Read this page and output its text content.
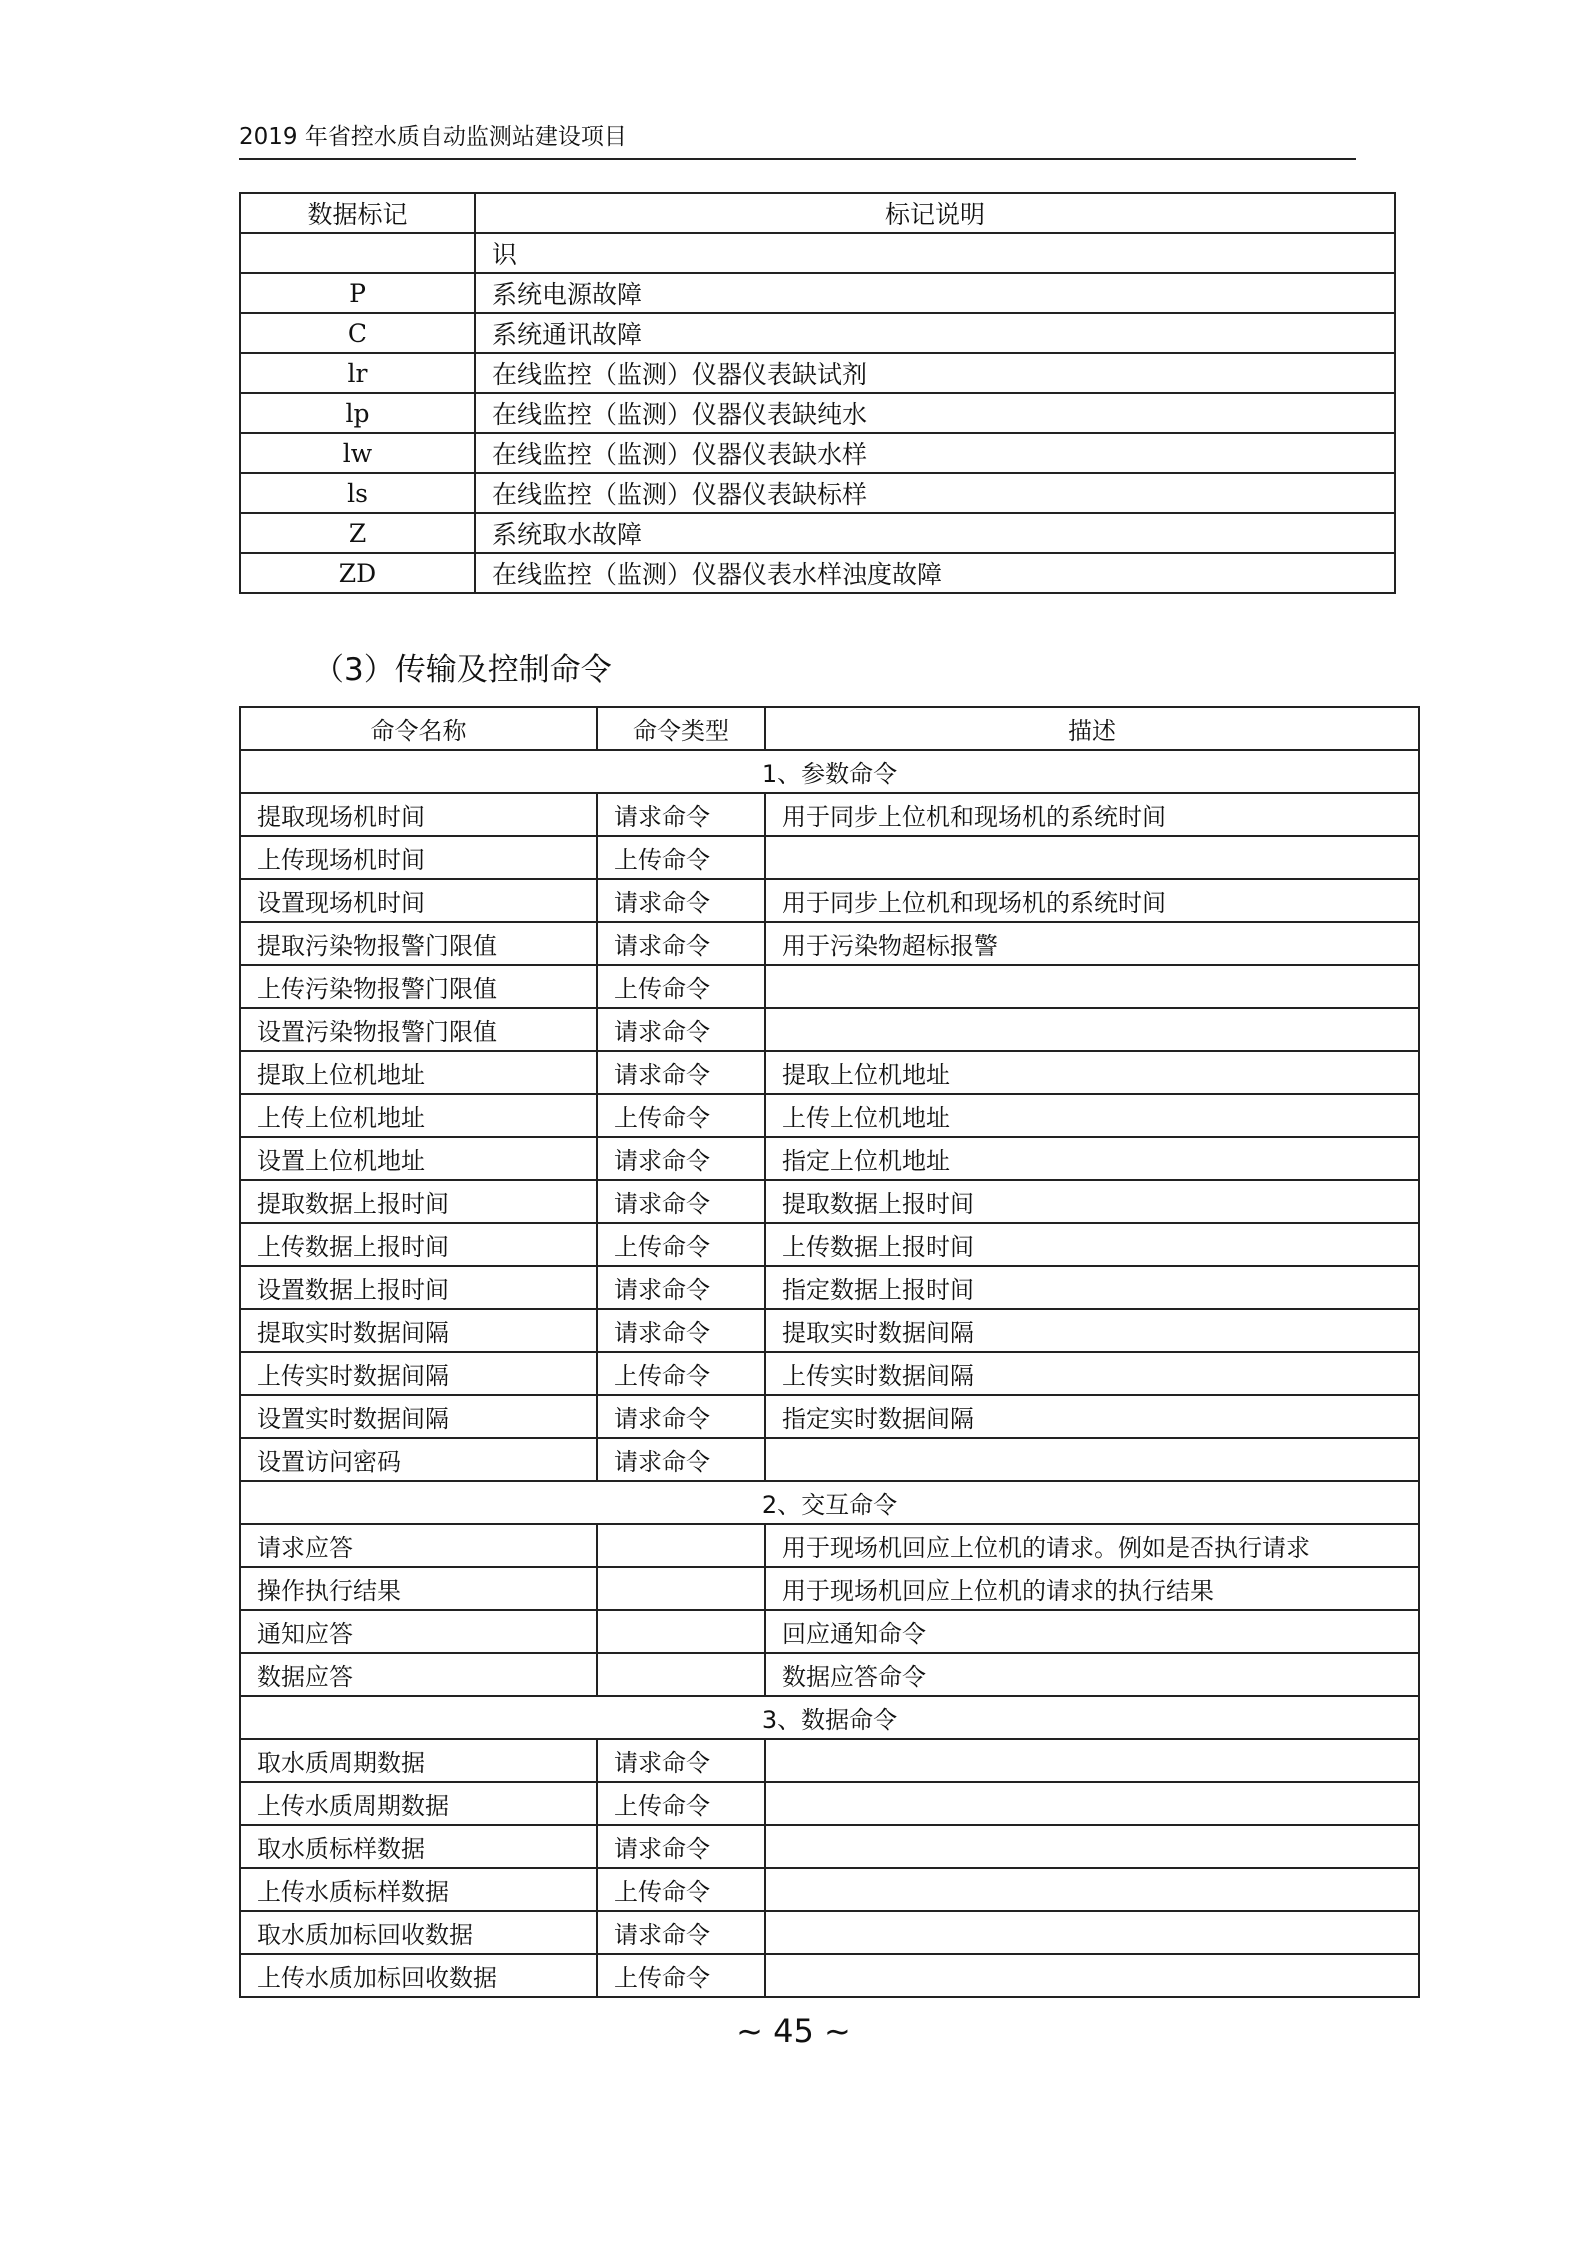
2019 年省控水质自动监测站建设项目
数据标记	标记说明
	识
P	系统电源故障
C	系统通讯故障
lr	在线监控（监测）仪器仪表缺试剂
lp	在线监控（监测）仪器仪表缺纯水
lw	在线监控（监测）仪器仪表缺水样
ls	在线监控（监测）仪器仪表缺标样
Z	系统取水故障
ZD	在线监控（监测）仪器仪表水样浊度故障
（3）传输及控制命令
命令名称	命令类型	描述
1、参数命令		
提取现场机时间	请求命令	用于同步上位机和现场机的系统时间
上传现场机时间	上传命令	
设置现场机时间	请求命令	用于同步上位机和现场机的系统时间
提取污染物报警门限值	请求命令	用于污染物超标报警
上传污染物报警门限值	上传命令	
设置污染物报警门限值	请求命令	
提取上位机地址	请求命令	提取上位机地址
上传上位机地址	上传命令	上传上位机地址
设置上位机地址	请求命令	指定上位机地址
提取数据上报时间	请求命令	提取数据上报时间
上传数据上报时间	上传命令	上传数据上报时间
设置数据上报时间	请求命令	指定数据上报时间
提取实时数据间隔	请求命令	提取实时数据间隔
上传实时数据间隔	上传命令	上传实时数据间隔
设置实时数据间隔	请求命令	指定实时数据间隔
设置访问密码	请求命令	
2、交互命令		
请求应答		用于现场机回应上位机的请求。例如是否执行请求
操作执行结果		用于现场机回应上位机的请求的执行结果
通知应答		回应通知命令
数据应答		数据应答命令
3、数据命令		
取水质周期数据	请求命令	
上传水质周期数据	上传命令	
取水质标样数据	请求命令	
上传水质标样数据	上传命令	
取水质加标回收数据	请求命令	
上传水质加标回收数据	上传命令	
~ 45 ~
